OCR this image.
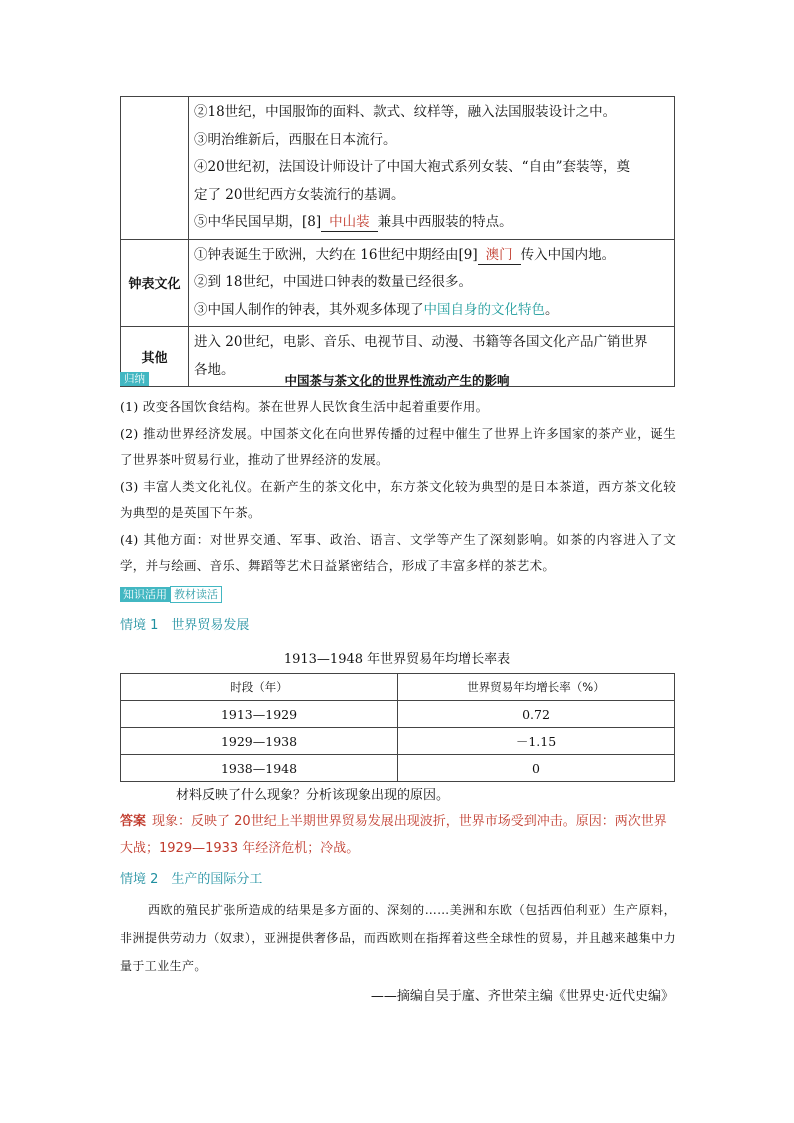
	②18世纪，中国服饰的面料、款式、纹样等，融入法国服装设计之中。
③明治维新后，西服在日本流行。
④20世纪初，法国设计师设计了中国大袍式系列女装、“自由”套装等，奠
定了 20世纪西方女装流行的基调。
⑤中华民国早期，[8] 中山装 兼具中西服装的特点。

钟表文化	①钟表诞生于欧洲，大约在 16世纪中期经由[9] 澳门 传入中国内地。
②到 18世纪，中国进口钟表的数量已经很多。
③中国人制作的钟表，其外观多体现了中国自身的文化特色。

其他	进入 20世纪，电影、音乐、电视节目、动漫、书籍等各国文化产品广销世界
各地。
归纳	中国茶与茶文化的世界性流动产生的影响

(1) 改变各国饮食结构。茶在世界人民饮食生活中起着重要作用。

(2) 推动世界经济发展。中国茶文化在向世界传播的过程中催生了世界上许多国家的茶产业，诞生了世界茶叶贸易行业，推动了世界经济的发展。

(3) 丰富人类文化礼仪。在新产生的茶文化中，东方茶文化较为典型的是日本茶道，西方茶文化较为典型的是英国下午茶。

(4) 其他方面：对世界交通、军事、政治、语言、文学等产生了深刻影响。如茶的内容进入了文学，并与绘画、音乐、舞蹈等艺术日益紧密结合，形成了丰富多样的茶艺术。

知识活用 教材读活
情境 1　世界贸易发展
1913—1948 年世界贸易年均增长率表
时段（年）	世界贸易年均增长率（%）
1913—1929	0.72
1929—1938	－1.15
1938—1948	0
材料反映了什么现象？分析该现象出现的原因。
答案 现象：反映了 20世纪上半期世界贸易发展出现波折，世界市场受到冲击。原因：两次世界大战；1929—1933 年经济危机；冷战。
情境 2　生产的国际分工
西欧的殖民扩张所造成的结果是多方面的、深刻的……美洲和东欧（包括西伯利亚）生产原料，非洲提供劳动力（奴隶），亚洲提供奢侈品，而西欧则在指挥着这些全球性的贸易，并且越来越集中力量于工业生产。
——摘编自吴于廑、齐世荣主编《世界史·近代史编》
